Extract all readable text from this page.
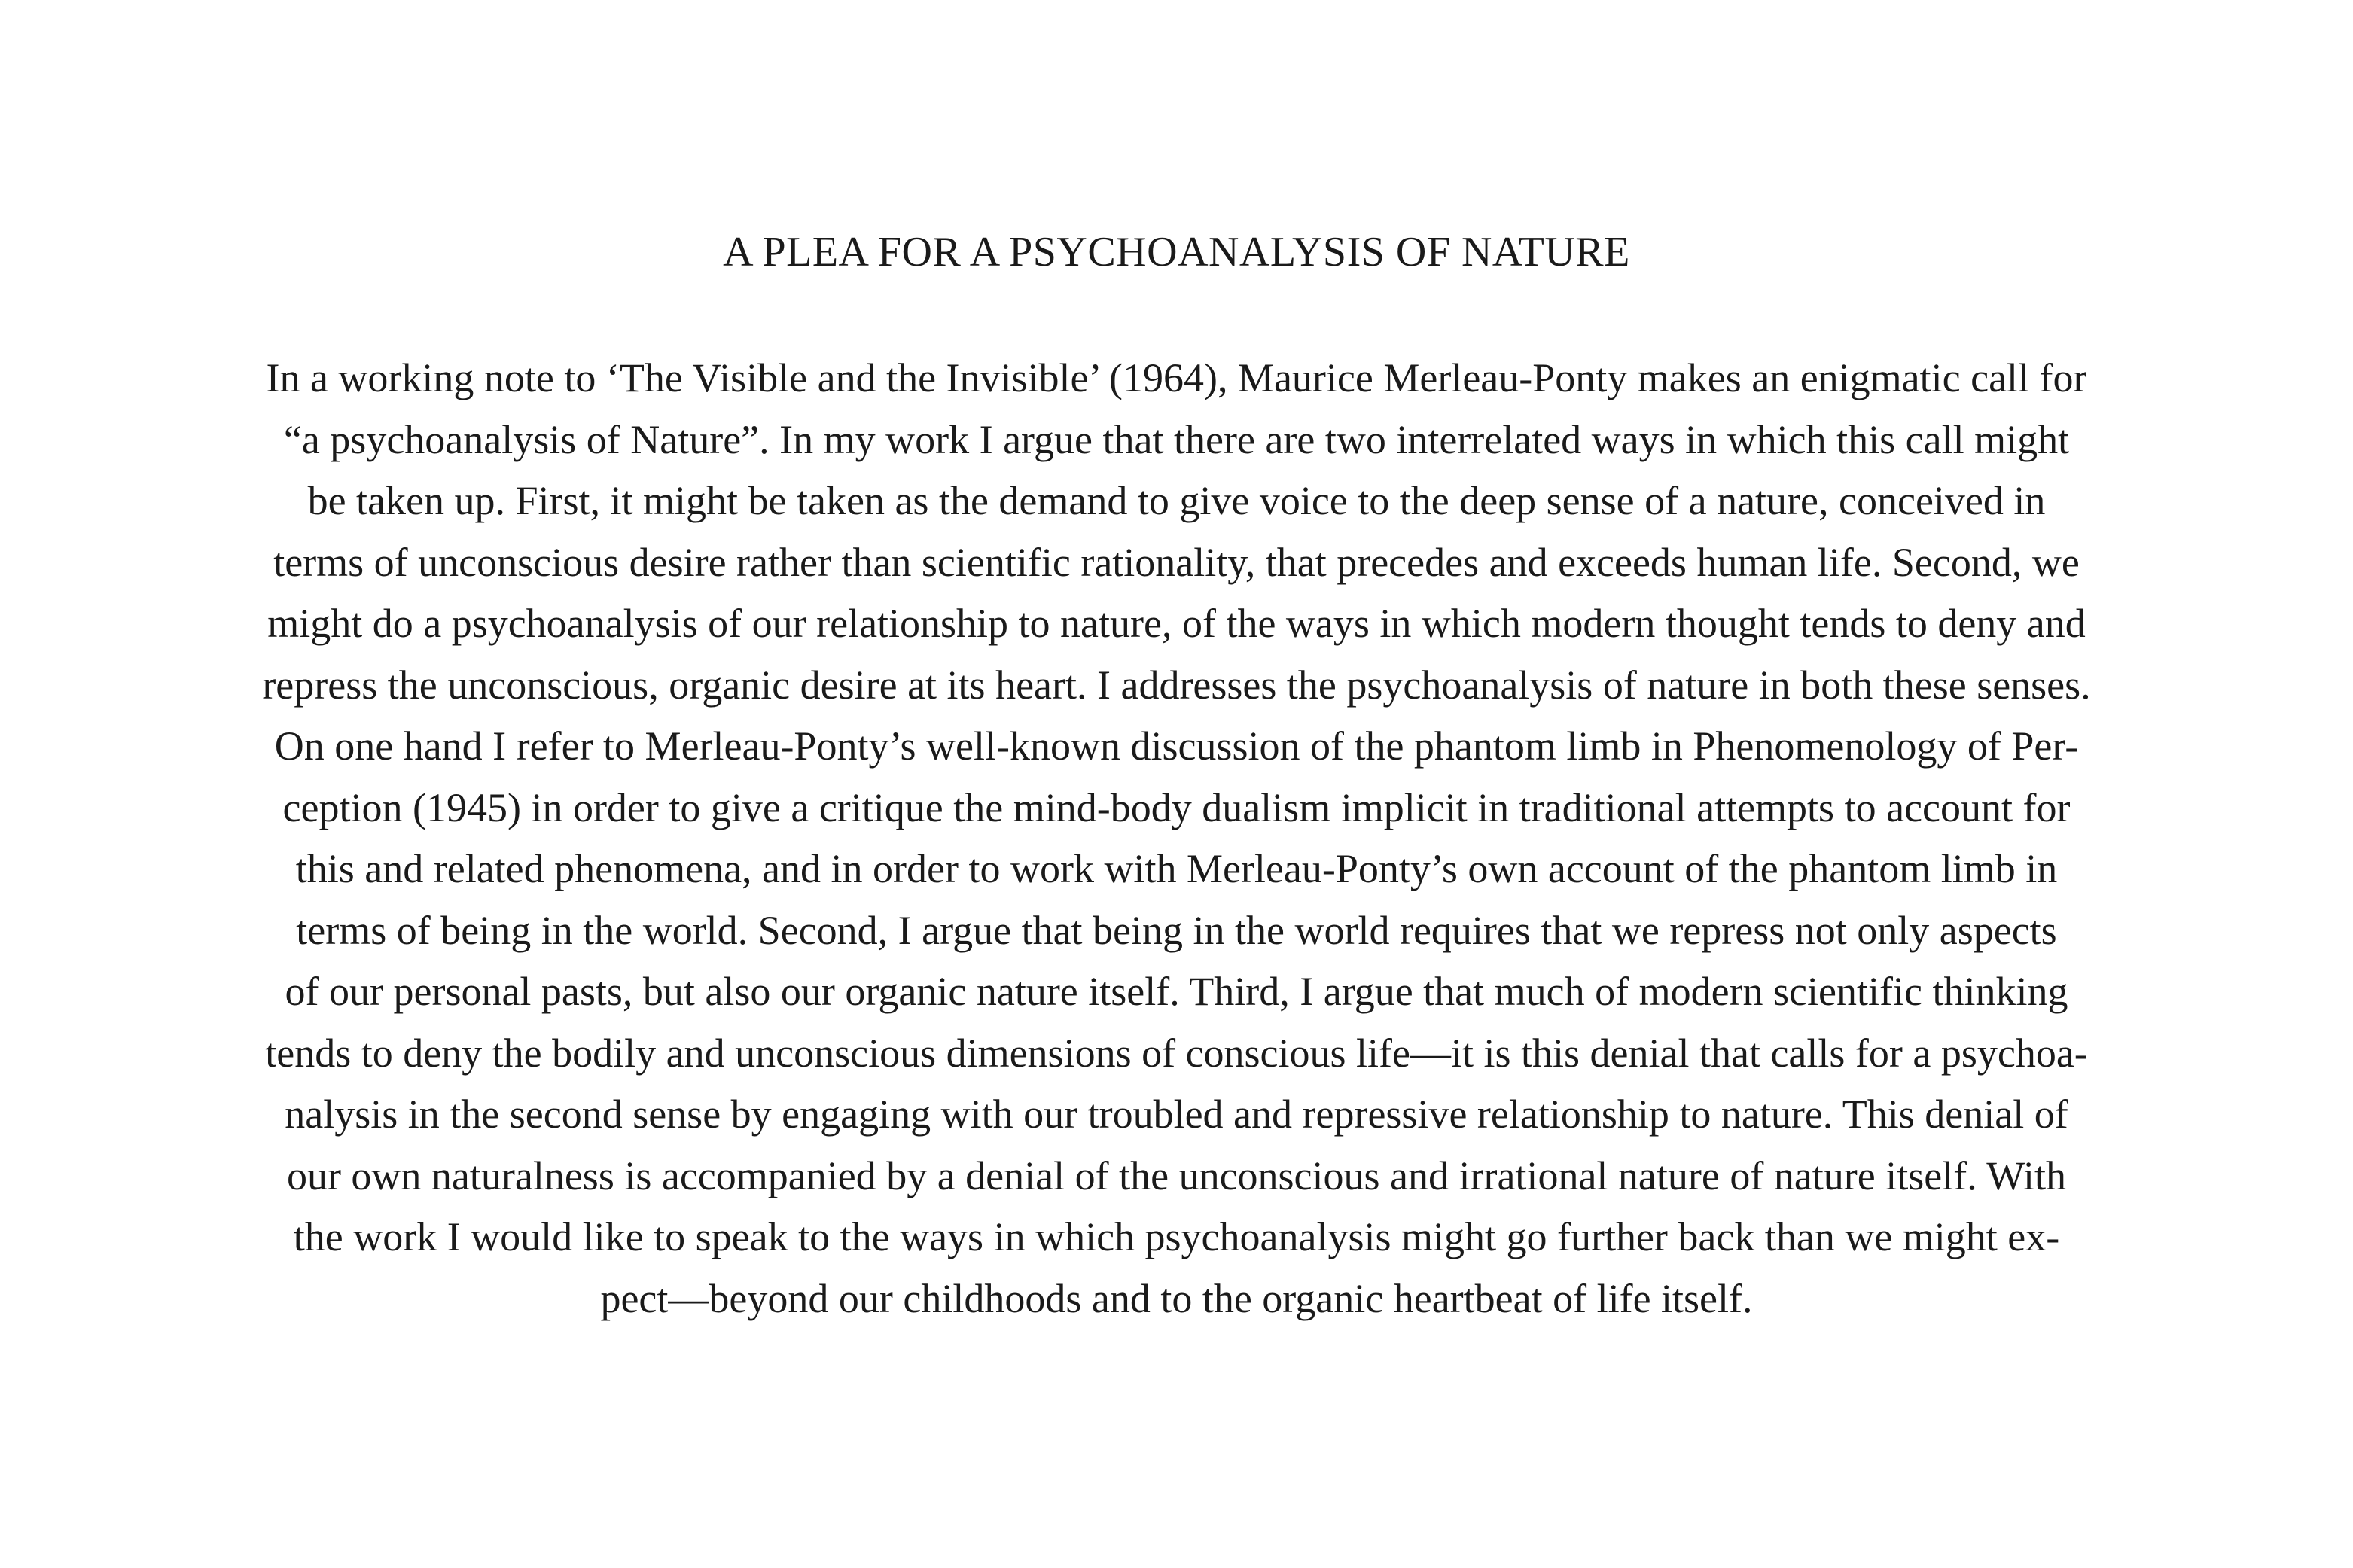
A PLEA FOR A PSYCHOANALYSIS OF NATURE
In a working note to ‘The Visible and the Invisible’ (1964), Maurice Merleau-Ponty makes an enigmatic call for
“a psychoanalysis of Nature”. In my work I argue that there are two interrelated ways in which this call might
be taken up. First, it might be taken as the demand to give voice to the deep sense of a nature, conceived in
terms of unconscious desire rather than scientific rationality, that precedes and exceeds human life. Second, we
might do a psychoanalysis of our relationship to nature, of the ways in which modern thought tends to deny and
repress the unconscious, organic desire at its heart. I addresses the psychoanalysis of nature in both these senses.
On one hand I refer to Merleau-Ponty’s well-known discussion of the phantom limb in Phenomenology of Per-
ception (1945) in order to give a critique the mind-body dualism implicit in traditional attempts to account for
this and related phenomena, and in order to work with Merleau-Ponty’s own account of the phantom limb in
terms of being in the world. Second, I argue that being in the world requires that we repress not only aspects
of our personal pasts, but also our organic nature itself. Third, I argue that much of modern scientific thinking
tends to deny the bodily and unconscious dimensions of conscious life—it is this denial that calls for a psychoa-
nalysis in the second sense by engaging with our troubled and repressive relationship to nature. This denial of
our own naturalness is accompanied by a denial of the unconscious and irrational nature of nature itself. With
the work I would like to speak to the ways in which psychoanalysis might go further back than we might ex-
pect—beyond our childhoods and to the organic heartbeat of life itself.
